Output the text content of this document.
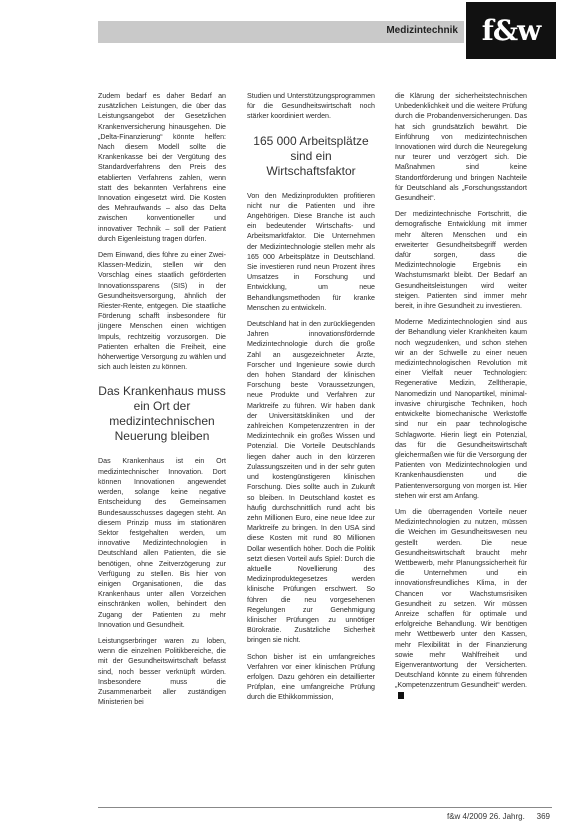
Medizintechnik f&w

Zudem bedarf es daher Bedarf an zusätzlichen Leistungen, die über das Leistungsangebot der Gesetzlichen Krankenversicherung hinausgehen. Die „Delta-Finanzierung“ könnte helfen: Nach diesem Modell sollte die Krankenkasse bei der Vergütung des Standardverfahrens den Preis des etablierten Verfahrens zahlen, wenn statt des bekannten Verfahrens eine Innovation eingesetzt wird. Die Kosten des Mehraufwands – also das Delta zwischen konventioneller und innovativer Technik – soll der Patient durch Eigenleistung tragen dürfen.

Dem Einwand, dies führe zu einer Zwei-Klassen-Medizin, stellen wir den Vorschlag eines staatlich geförderten Innovationssparens (SIS) in der Gesundheitsversorgung, ähnlich der Riester-Rente, entgegen. Die staatliche Förderung schafft insbesondere für jüngere Menschen einen wichtigen Impuls, rechtzeitig vorzusorgen. Die Patienten erhalten die Freiheit, eine höherwertige Versorgung zu wählen und sich auch leisten zu können.

Das Krankenhaus muss ein Ort der medizintechnischen Neuerung bleiben

Das Krankenhaus ist ein Ort medizintechnischer Innovation. Dort können Innovationen angewendet werden, solange keine negative Entscheidung des Gemeinsamen Bundesausschusses dagegen steht. An diesem Prinzip muss im stationären Sektor festgehalten werden, um innovative Medizintechnologien in Deutschland allen Patienten, die sie benötigen, ohne Zeitverzögerung zur Verfügung zu stellen. Bis hier von einigen Organisationen, die das Krankenhaus unter allen Vorzeichen einschränken wollen, behindert den Zugang der Patienten zu mehr Innovation und Gesundheit.

Leistungserbringer waren zu loben, wenn die einzelnen Politikbereiche, die mit der Gesundheitswirtschaft befasst sind, noch besser verknüpft würden. Insbesondere muss die Zusammenarbeit aller zuständigen Ministerien bei

Studien und Unterstützungsprogrammen für die Gesundheitswirtschaft noch stärker koordiniert werden.

165 000 Arbeitsplätze sind ein Wirtschaftsfaktor

Von den Medizinprodukten profitieren nicht nur die Patienten und ihre Angehörigen. Diese Branche ist auch ein bedeutender Wirtschafts- und Arbeitsmarktfaktor. Die Unternehmen der Medizintechnologie stellen mehr als 165 000 Arbeitsplätze in Deutschland. Sie investieren rund neun Prozent ihres Umsatzes in Forschung und Entwicklung, um neue Behandlungsmethoden für kranke Menschen zu entwickeln.

Deutschland hat in den zurückliegenden Jahren innovationsfördernde Medizintechnologie durch die große Zahl an ausgezeichneter Ärzte, Forscher und Ingenieure sowie durch den hohen Standard der klinischen Forschung beste Voraussetzungen, neue Produkte und Verfahren zur Marktreife zu führen. Wir haben dank der Universitätskliniken und der zahlreichen Kompetenzzentren in der Medizintechnik ein großes Wissen und Potenzial. Die Vorteile Deutschlands liegen daher auch in den kürzeren Zulassungszeiten und in der sehr guten und kostengünstigeren klinischen Forschung. Dies sollte auch in Zukunft so bleiben. In Deutschland kostet es häufig durchschnittlich rund acht bis zehn Millionen Euro, eine neue Idee zur Marktreife zu bringen. In den USA sind diese Kosten mit rund 80 Millionen Dollar wesentlich höher. Doch die Politik setzt diesen Vorteil aufs Spiel: Durch die aktuelle Novellierung des Medizinproduktegesetzes werden klinische Prüfungen erschwert. So führen die neu vorgesehenen Regelungen zur Genehmigung klinischer Prüfungen zu unnötiger Bürokratie. Zusätzliche Sicherheit bringen sie nicht.

Schon bisher ist ein umfangreiches Verfahren vor einer klinischen Prüfung erfolgen. Dazu gehören ein detaillierter Prüfplan, eine umfangreiche Prüfung durch die Ethikkommission,

die Klärung der sicherheitstechnischen Unbedenklichkeit und die weitere Prüfung durch die Probandenversicherungen. Das hat sich grundsätzlich bewährt. Die Einführung von medizintechnischen Innovationen wird durch die Neuregelung nur teurer und verzögert sich. Die Maßnahmen sind keine Standortförderung und bringen Nachteile für Deutschland als „Forschungsstandort Gesundheit“.

Der medizintechnische Fortschritt, die demografische Entwicklung mit immer mehr älteren Menschen und ein erweiterter Gesundheitsbegriff werden dafür sorgen, dass die Medizintechnologie Ergebnis ein Wachstumsmarkt bleibt. Der Bedarf an Gesundheitsleistungen wird weiter steigen. Patienten sind immer mehr bereit, in ihre Gesundheit zu investieren.

Moderne Medizintechnologien sind aus der Behandlung vieler Krankheiten kaum noch wegzudenken, und schon stehen wir an der Schwelle zu einer neuen medizintechnologischen Revolution mit einer Vielfalt neuer Technologien: Regenerative Medizin, Zelltherapie, Nanomedizin und Nanopartikel, minimal-invasive chirurgische Techniken, hoch entwickelte biomechanische Werkstoffe sind nur ein paar technologische Schlagworte. Hierin liegt ein Potenzial, das für die Gesundheitswirtschaft gleichermaßen wie für die Versorgung der Patienten von Medizintechnologien und Krankenhausdiensten und die Patientenversorgung von morgen ist. Hier stehen wir erst am Anfang.

Um die überragenden Vorteile neuer Medizintechnologien zu nutzen, müssen die Weichen im Gesundheitswesen neu gestellt werden. Die neue Gesundheitswirtschaft braucht mehr Wettbewerb, mehr Planungssicherheit für die Unternehmen und ein innovationsfreundliches Klima, in der Chancen vor Wachstumsrisiken Gesundheit zu setzen. Wir müssen Anreize schaffen für optimale und erfolgreiche Behandlung. Wir benötigen mehr Wettbewerb unter den Kassen, mehr Flexibilität in der Finanzierung sowie mehr Wahlfreiheit und Eigenverantwortung der Versicherten. Deutschland könnte zu einem führenden „Kompetenzzentrum Gesundheit“ werden.

f&w 4/2009 26. Jahrg. 369
